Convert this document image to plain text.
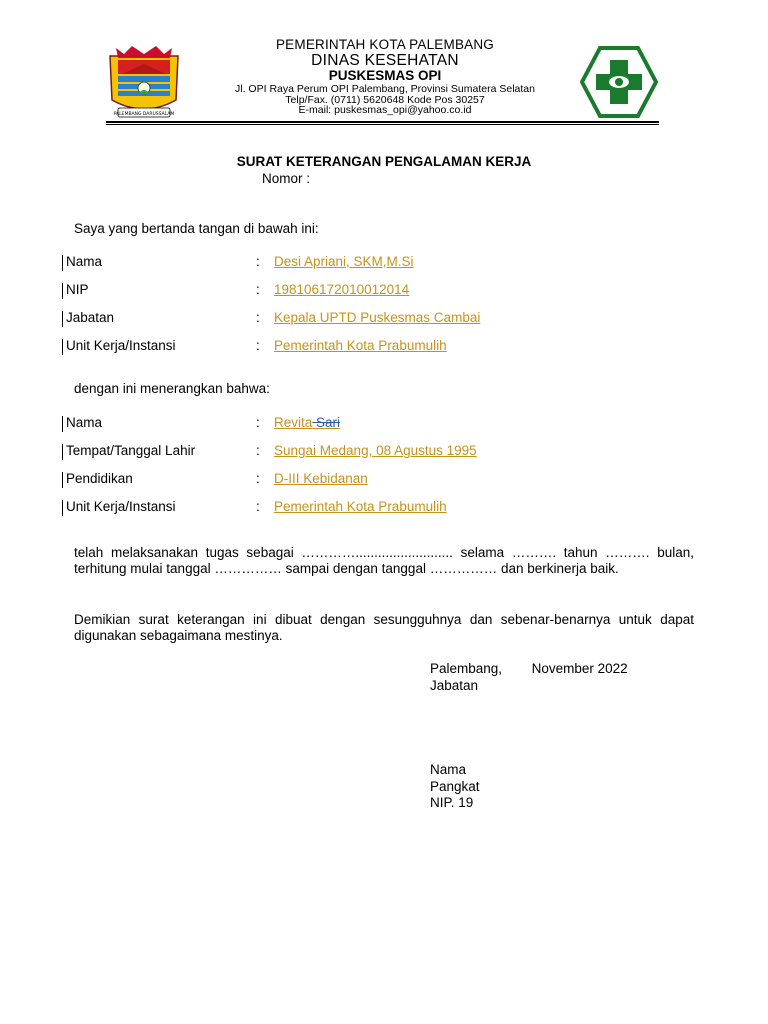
PALEMBANG DARUSSALAM
PEMERINTAH KOTA PALEMBANG
DINAS KESEHATAN
PUSKESMAS OPI
Jl. OPI Raya Perum OPI Palembang, Provinsi Sumatera Selatan
Telp/Fax. (0711) 5620648 Kode Pos 30257
E-mail: puskesmas_opi@yahoo.co.id
SURAT KETERANGAN PENGALAMAN KERJA
Nomor :
Saya yang bertanda tangan di bawah ini:
Nama	: Desi Apriani, SKM,M.Si
NIP	: 198106172010012014
Jabatan	: Kepala UPTD Puskesmas Cambai
Unit Kerja/Instansi	: Pemerintah Kota Prabumulih
dengan ini menerangkan bahwa:
Nama	: Revita Sari
Tempat/Tanggal Lahir	: Sungai Medang, 08 Agustus 1995
Pendidikan	: D-III Kebidanan
Unit Kerja/Instansi	: Pemerintah Kota Prabumulih
telah melaksanakan tugas sebagai ………….......................... selama ………. tahun ………. bulan, terhitung mulai tanggal …………… sampai dengan tanggal …………… dan berkinerja baik.
Demikian surat keterangan ini dibuat dengan sesungguhnya dan sebenar-benarnya untuk dapat digunakan sebagaimana mestinya.
Palembang, November 2022
Jabatan
Nama
Pangkat
NIP. 19
